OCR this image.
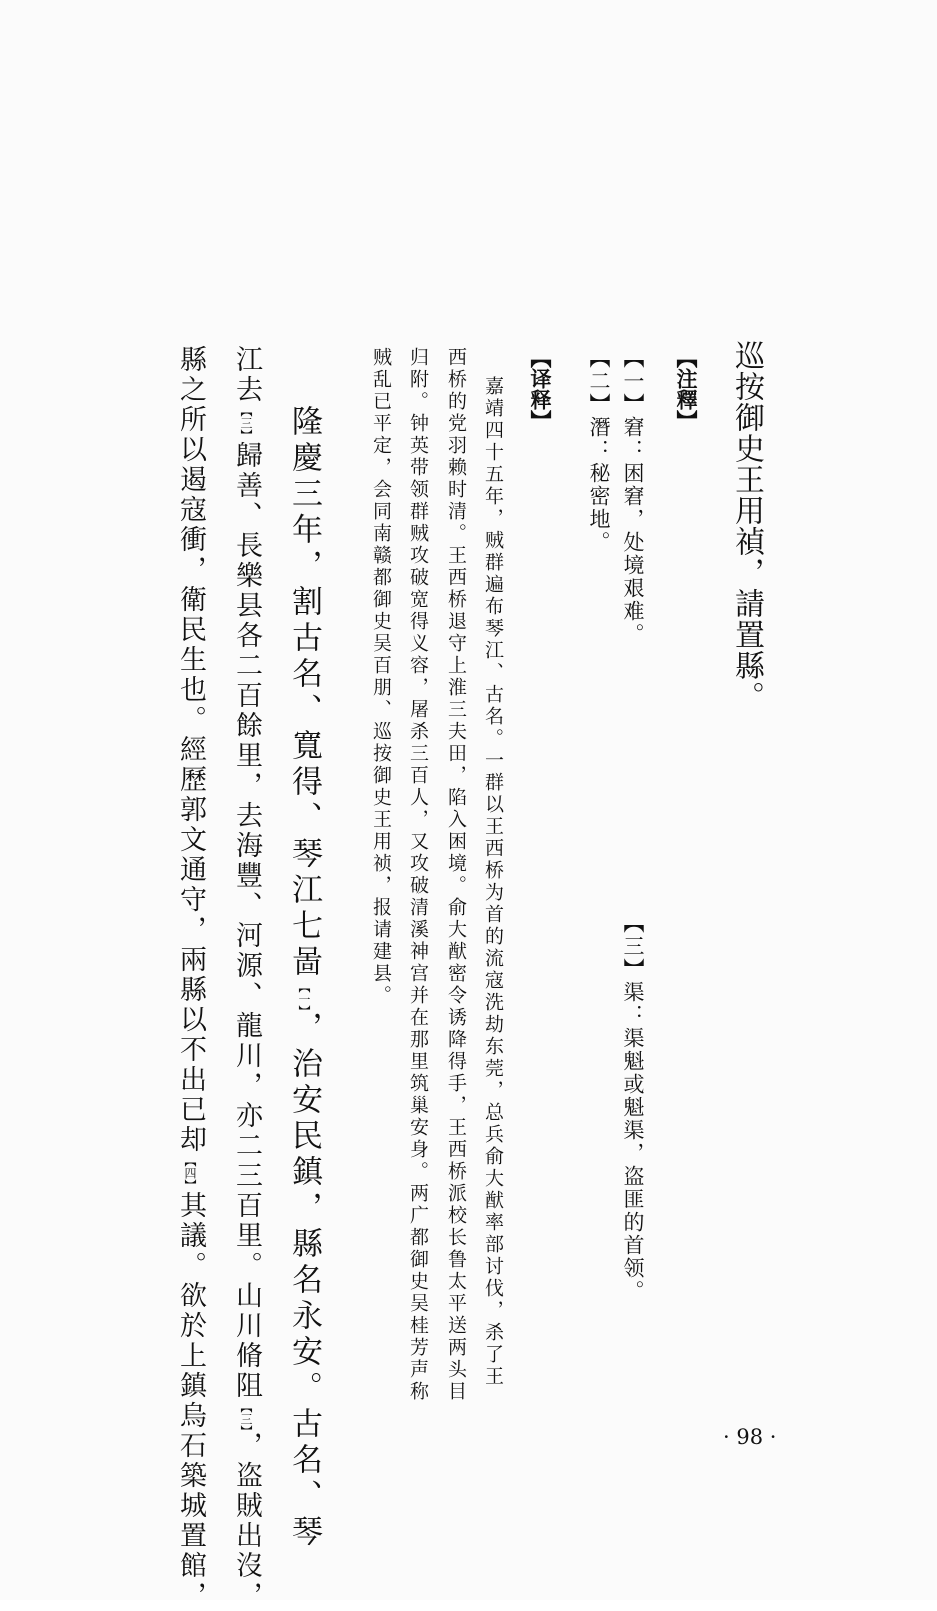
巡按御史王用禎，請置縣。
【注釋】
【一】窘：困窘，处境艰难。
【三】渠：渠魁或魁渠，盗匪的首领。
【二】潛：秘密地。
【译释】
嘉靖四十五年，贼群遍布琴江、古名。一群以王西桥为首的流寇洗劫东莞，总兵俞大猷率部讨伐，杀了王
西桥的党羽赖时清。王西桥退守上淮三夫田，陷入困境。俞大猷密令诱降得手，王西桥派校长鲁太平送两头目
归附。钟英带领群贼攻破宽得义容，屠杀三百人，又攻破清溪神宫并在那里筑巢安身。两广都御史吴桂芳声称
贼乱已平定，会同南赣都御史吴百朋、巡按御史王用祯，报请建县。
隆慶三年，割古名、寬得、琴江七啚【一】，治安民鎮，縣名永安。古名、琴
江去【三】歸善、長樂县各二百餘里，去海豐、河源、龍川，亦二三百里。山川脩阻【三】，盗賊出沒，
縣之所以遏寇衝，衛民生也。經歷郭文通守，兩縣以不出已却【四】其議。欲於上鎮烏石築城置館，	· 98 ·
